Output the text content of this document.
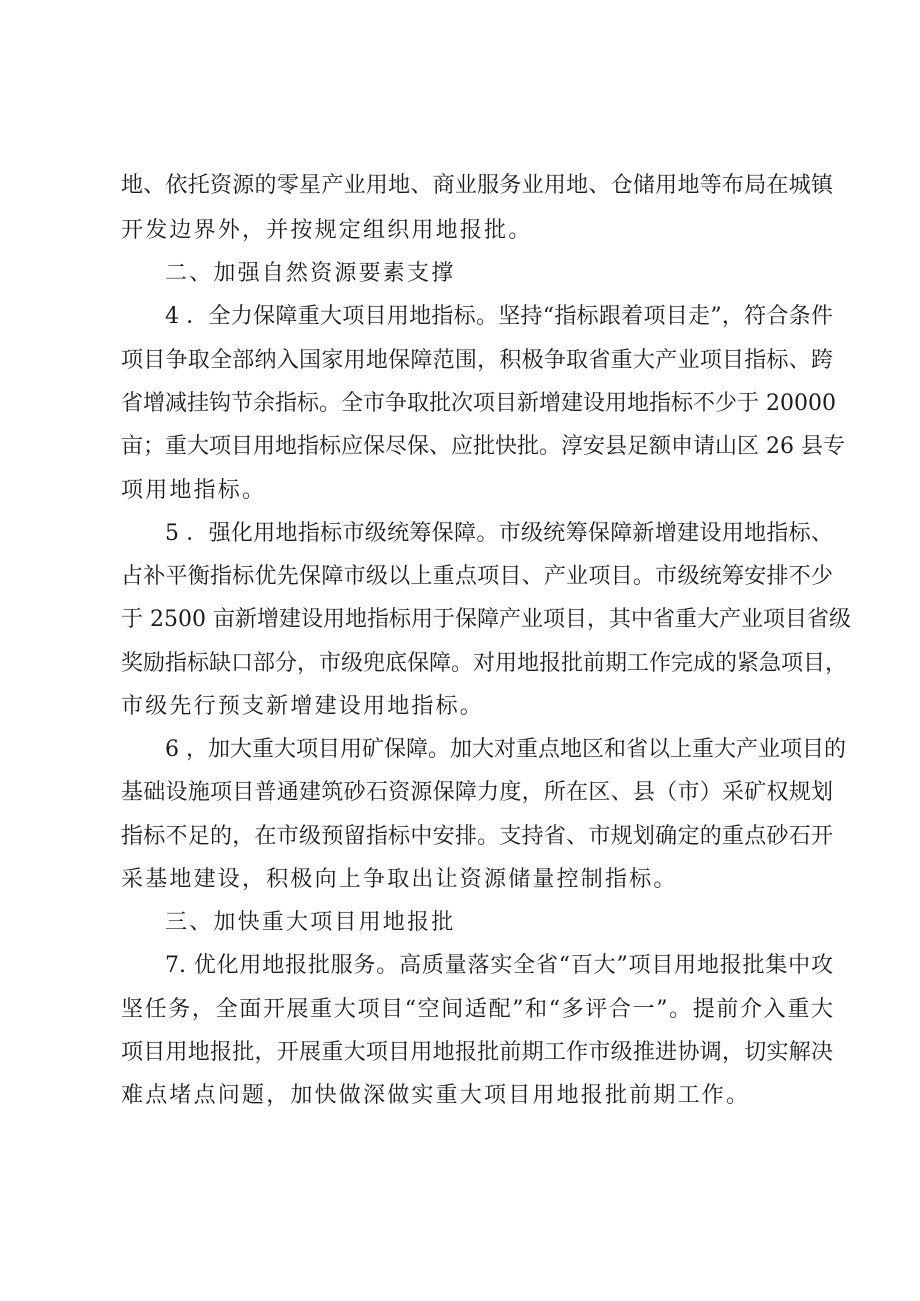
地、依托资源的零星产业用地、商业服务业用地、仓储用地等布局在城镇
开发边界外，并按规定组织用地报批。
二、加强自然资源要素支撑
4 ．全力保障重大项目用地指标。坚持“指标跟着项目走”，符合条件
项目争取全部纳入国家用地保障范围，积极争取省重大产业项目指标、跨
省增减挂钩节余指标。全市争取批次项目新增建设用地指标不少于 20000
亩；重大项目用地指标应保尽保、应批快批。淳安县足额申请山区 26 县专
项用地指标。
5 ．强化用地指标市级统筹保障。市级统筹保障新增建设用地指标、
占补平衡指标优先保障市级以上重点项目、产业项目。市级统筹安排不少
于 2500 亩新增建设用地指标用于保障产业项目，其中省重大产业项目省级
奖励指标缺口部分，市级兜底保障。对用地报批前期工作完成的紧急项目，
市级先行预支新增建设用地指标。
6 ，加大重大项目用矿保障。加大对重点地区和省以上重大产业项目的
基础设施项目普通建筑砂石资源保障力度，所在区、县（市）采矿权规划
指标不足的，在市级预留指标中安排。支持省、市规划确定的重点砂石开
采基地建设，积极向上争取出让资源储量控制指标。
三、加快重大项目用地报批
7. 优化用地报批服务。高质量落实全省“百大”项目用地报批集中攻
坚任务，全面开展重大项目“空间适配”和“多评合一”。提前介入重大
项目用地报批，开展重大项目用地报批前期工作市级推进协调，切实解决
难点堵点问题，加快做深做实重大项目用地报批前期工作。
